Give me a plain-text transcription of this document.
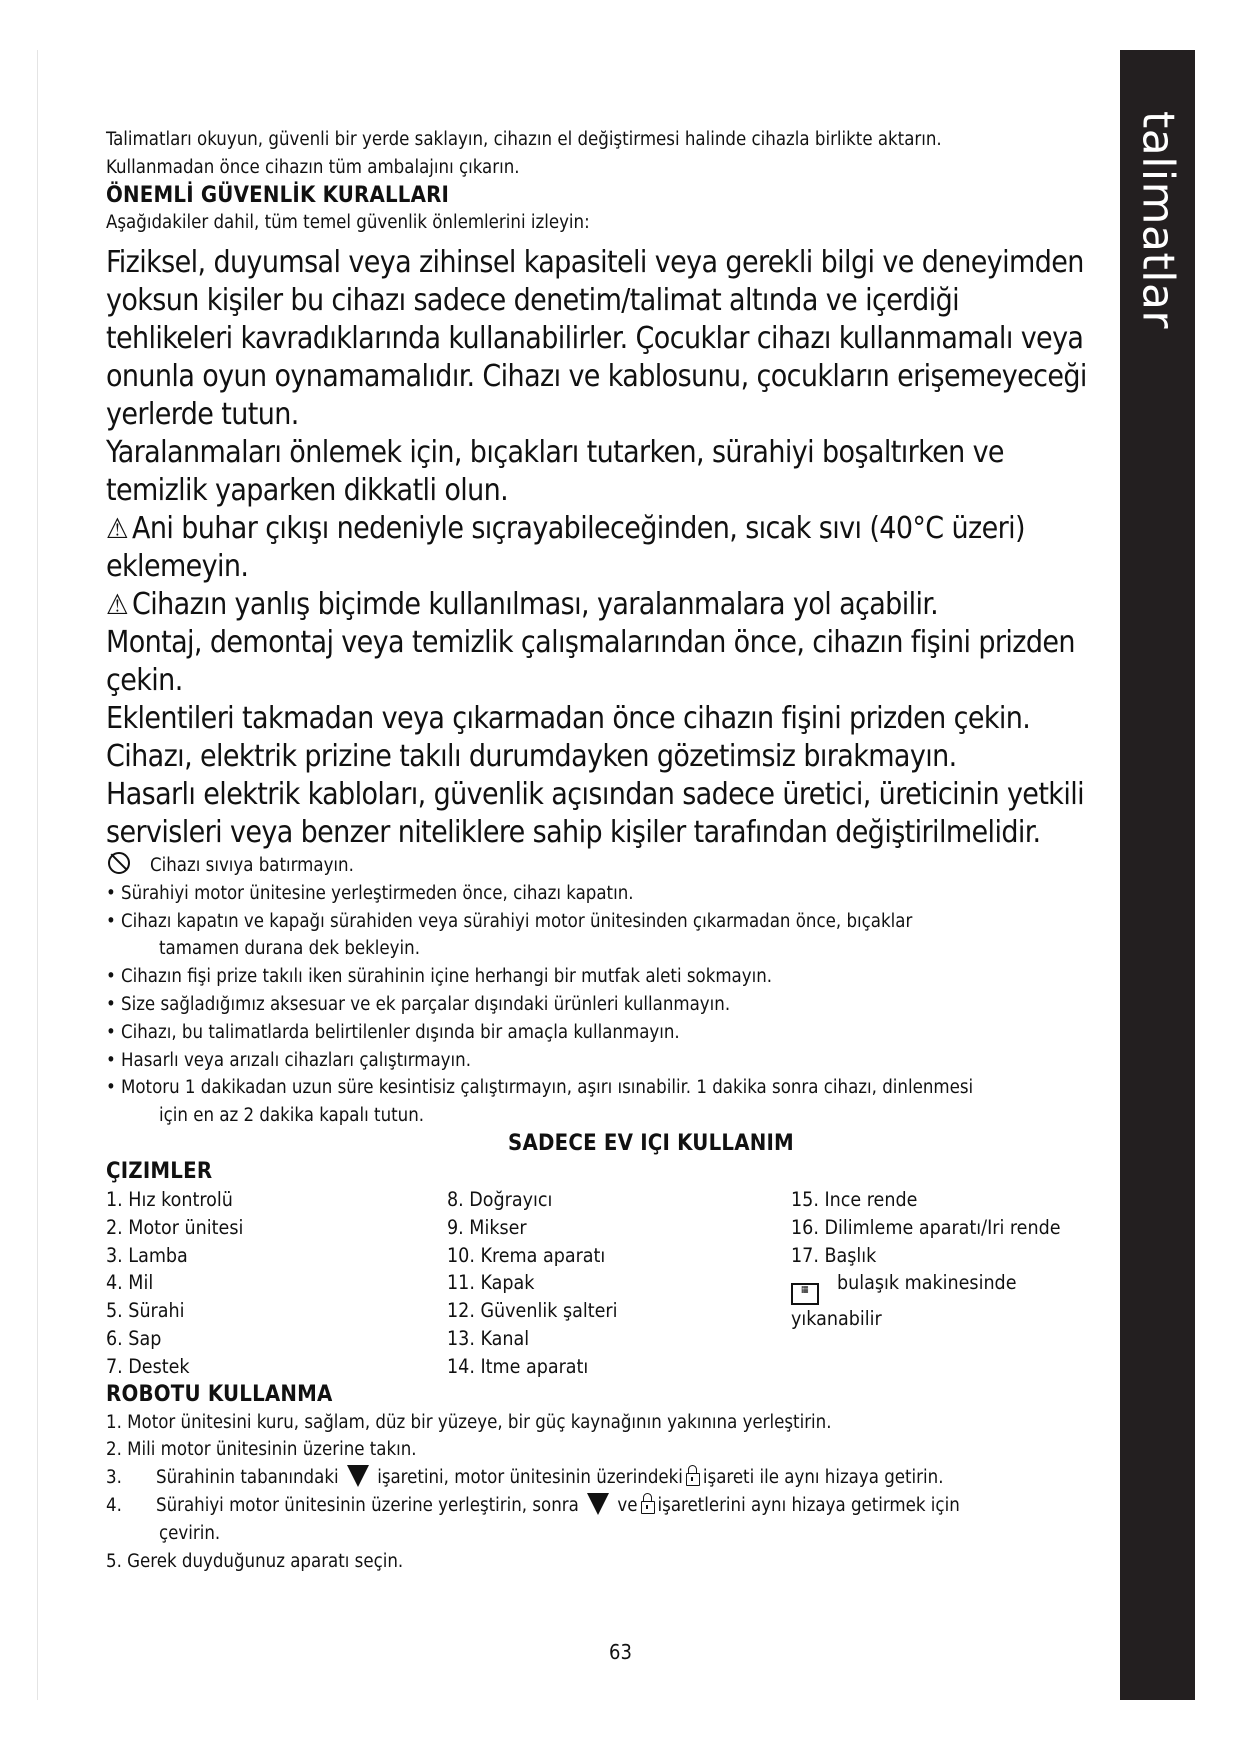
talimatlar

Talimatları okuyun, güvenli bir yerde saklayın, cihazın el değiştirmesi halinde cihazla birlikte aktarın.

Kullanmadan önce cihazın tüm ambalajını çıkarın.

ÖNEMLİ GÜVENLİK KURALLARI

Aşağıdakiler dahil, tüm temel güvenlik önlemlerini izleyin:

Fiziksel, duyumsal veya zihinsel kapasiteli veya gerekli bilgi ve deneyimden

yoksun kişiler bu cihazı sadece denetim/talimat altında ve içerdiği

tehlikeleri kavradıklarında kullanabilirler. Çocuklar cihazı kullanmamalı veya

onunla oyun oynamamalıdır. Cihazı ve kablosunu, çocukların erişemeyeceği

yerlerde tutun.

Yaralanmaları önlemek için, bıçakları tutarken, sürahiyi boşaltırken ve

temizlik yaparken dikkatli olun.

⚠ Ani buhar çıkışı nedeniyle sıçrayabileceğinden, sıcak sıvı (40°C üzeri)

eklemeyin.

⚠ Cihazın yanlış biçimde kullanılması, yaralanmalara yol açabilir.

Montaj, demontaj veya temizlik çalışmalarından önce, cihazın fişini prizden

çekin.

Eklentileri takmadan veya çıkarmadan önce cihazın fişini prizden çekin.

Cihazı, elektrik prizine takılı durumdayken gözetimsiz bırakmayın.

Hasarlı elektrik kabloları, güvenlik açısından sadece üretici, üreticinin yetkili

servisleri veya benzer niteliklere sahip kişiler tarafından değiştirilmelidir.

Cihazı sıvıya batırmayın.

• Sürahiyi motor ünitesine yerleştirmeden önce, cihazı kapatın.

• Cihazı kapatın ve kapağı sürahiden veya sürahiyi motor ünitesinden çıkarmadan önce, bıçaklar

tamamen durana dek bekleyin.

• Cihazın fişi prize takılı iken sürahinin içine herhangi bir mutfak aleti sokmayın.

• Size sağladığımız aksesuar ve ek parçalar dışındaki ürünleri kullanmayın.

• Cihazı, bu talimatlarda belirtilenler dışında bir amaçla kullanmayın.

• Hasarlı veya arızalı cihazları çalıştırmayın.

• Motoru 1 dakikadan uzun süre kesintisiz çalıştırmayın, aşırı ısınabilir. 1 dakika sonra cihazı, dinlenmesi

için en az 2 dakika kapalı tutun.

SADECE EV IÇI KULLANIM

ÇIZIMLER

1. Hız kontrolü

2. Motor ünitesi

3. Lamba

4. Mil

5. Sürahi

6. Sap

7. Destek

8. Doğrayıcı

9. Mikser

10. Krema aparatı

11. Kapak

12. Güvenlik şalteri

13. Kanal

14. Itme aparatı

15. Ince rende

16. Dilimleme aparatı/Iri rende

17. Başlık

▦ bulaşık makinesinde

yıkanabilir

ROBOTU KULLANMA

1. Motor ünitesini kuru, sağlam, düz bir yüzeye, bir güç kaynağının yakınına yerleştirin.

2. Mili motor ünitesinin üzerine takın.

3.	Sürahinin tabanındaki işaretini, motor ünitesinin üzerindeki işareti ile aynı hizaya getirin.
4.	Sürahiyi motor ünitesinin üzerine yerleştirin, sonra ve işaretlerini aynı hizaya getirmek için

çevirin.

5. Gerek duyduğunuz aparatı seçin.

63
